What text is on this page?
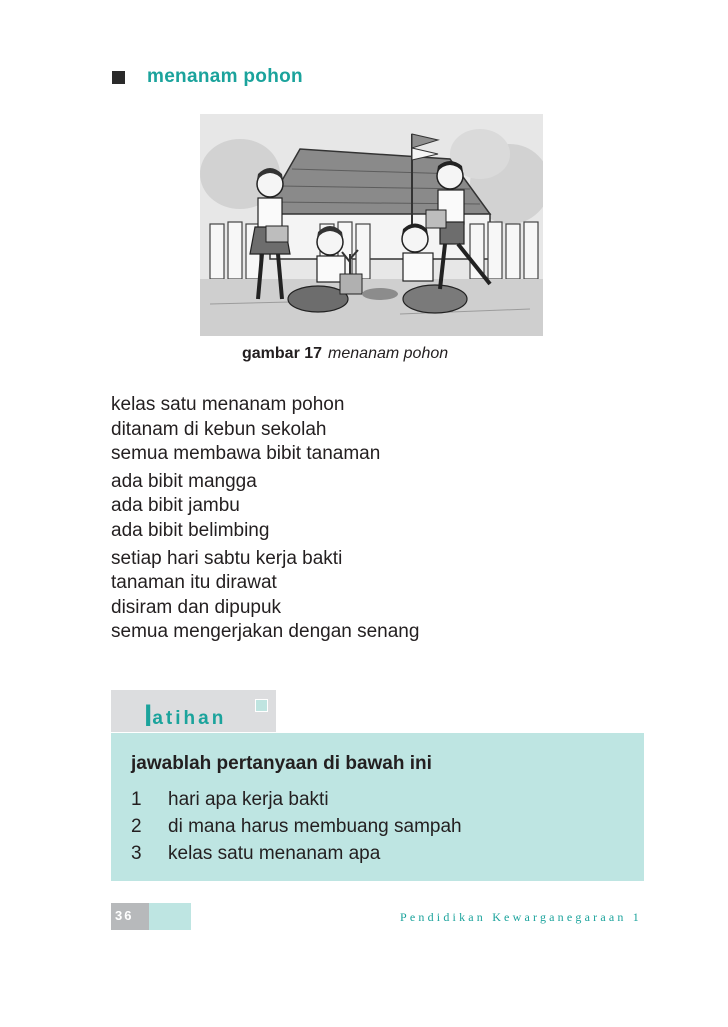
menanam pohon
gambar 17 menanam pohon
kelas satu menanam pohon
ditanam di kebun sekolah
semua membawa bibit tanaman
ada bibit mangga
ada bibit jambu
ada bibit belimbing
setiap hari sabtu kerja bakti
tanaman itu dirawat
disiram dan dipupuk
semua mengerjakan dengan senang
latihan
jawablah pertanyaan di bawah ini
1	hari apa kerja bakti
2	di mana harus membuang sampah
3	kelas satu menanam apa
36	Pendidikan Kewarganegaraan 1
